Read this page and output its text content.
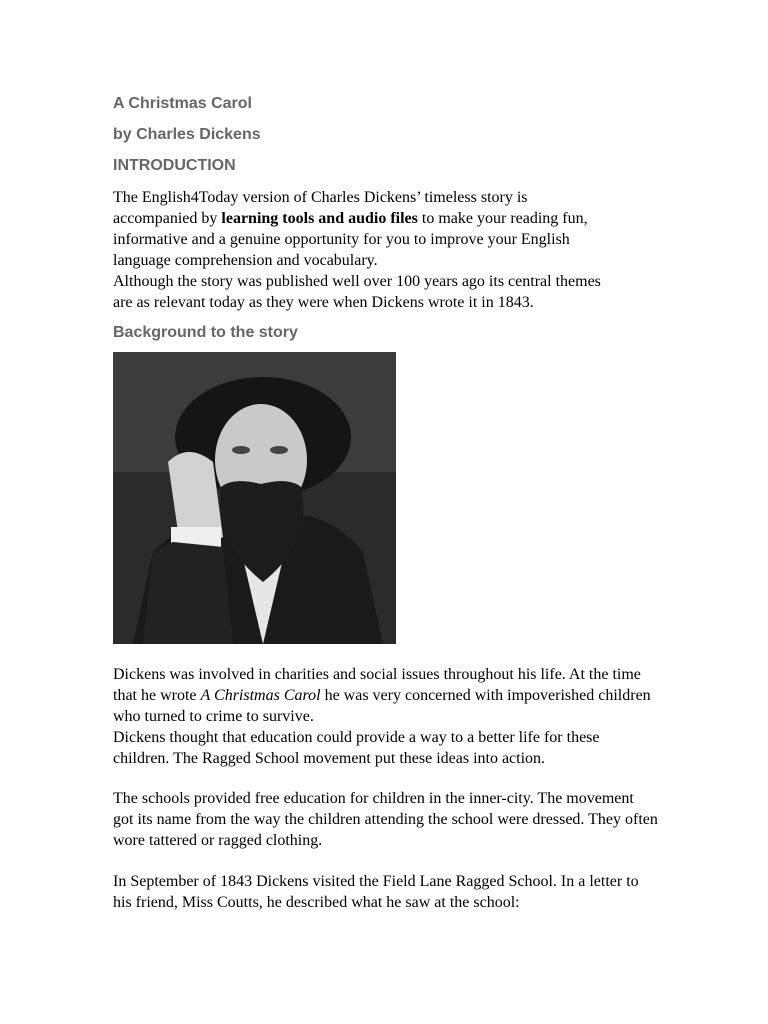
A Christmas Carol
by Charles Dickens
INTRODUCTION

The English4Today version of Charles Dickens’ timeless story is

accompanied by learning tools and audio files to make your reading fun,

informative and a genuine opportunity for you to improve your English

language comprehension and vocabulary.

Although the story was published well over 100 years ago its central themes

are as relevant today as they were when Dickens wrote it in 1843.

Background to the story

Dickens was involved in charities and social issues throughout his life. At the time that he wrote A Christmas Carol he was very concerned with impoverished children who turned to crime to survive.

Dickens thought that education could provide a way to a better life for these children. The Ragged School movement put these ideas into action.

The schools provided free education for children in the inner-city. The movement got its name from the way the children attending the school were dressed. They often wore tattered or ragged clothing.

In September of 1843 Dickens visited the Field Lane Ragged School. In a letter to his friend, Miss Coutts, he described what he saw at the school:
